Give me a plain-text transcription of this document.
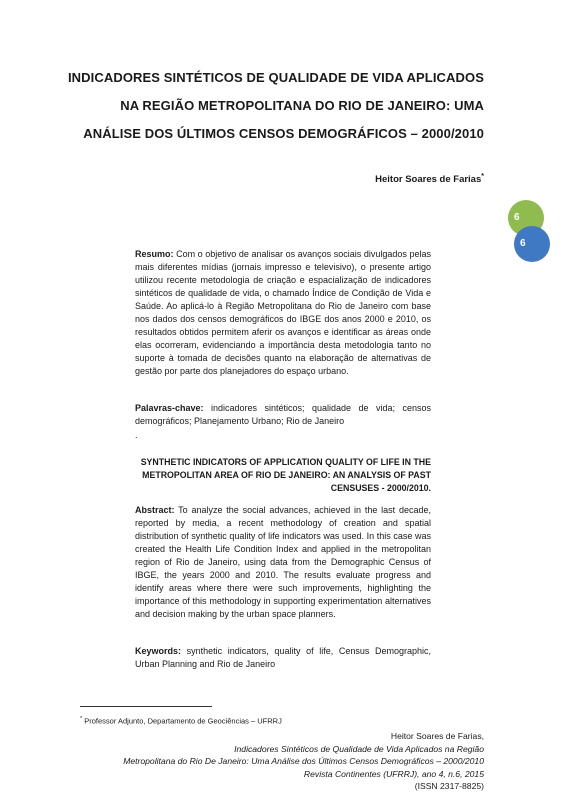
INDICADORES SINTÉTICOS DE QUALIDADE DE VIDA APLICADOS
NA REGIÃO METROPOLITANA DO RIO DE JANEIRO: UMA
ANÁLISE DOS ÚLTIMOS CENSOS DEMOGRÁFICOS – 2000/2010
Heitor Soares de Farias*
6
6
Resumo: Com o objetivo de analisar os avanços sociais divulgados pelas mais diferentes mídias (jornais impresso e televisivo), o presente artigo utilizou recente metodologia de criação e espacialização de indicadores sintéticos de qualidade de vida, o chamado Índice de Condição de Vida e Saúde. Ao aplicá-lo à Região Metropolitana do Rio de Janeiro com base nos dados dos censos demográficos do IBGE dos anos 2000 e 2010, os resultados obtidos permitem aferir os avanços e identificar as áreas onde elas ocorreram, evidenciando a importância desta metodologia tanto no suporte à tomada de decisões quanto na elaboração de alternativas de gestão por parte dos planejadores do espaço urbano.
Palavras-chave: indicadores sintéticos; qualidade de vida; censos demográficos; Planejamento Urbano; Rio de Janeiro
.
SYNTHETIC INDICATORS OF APPLICATION QUALITY OF LIFE IN THE
METROPOLITAN AREA OF RIO DE JANEIRO: AN ANALYSIS OF PAST
CENSUSES - 2000/2010.
Abstract: To analyze the social advances, achieved in the last decade, reported by media, a recent methodology of creation and spatial distribution of synthetic quality of life indicators was used. In this case was created the Health Life Condition Index and applied in the metropolitan region of Rio de Janeiro, using data from the Demographic Census of IBGE, the years 2000 and 2010. The results evaluate progress and identify areas where there were such improvements, highlighting the importance of this methodology in supporting experimentation alternatives and decision making by the urban space planners.
Keywords: synthetic indicators, quality of life, Census Demographic, Urban Planning and Rio de Janeiro
* Professor Adjunto, Departamento de Geociências – UFRRJ
Heitor Soares de Farias,
Indicadores Sintéticos de Qualidade de Vida Aplicados na Região
Metropolitana do Rio De Janeiro: Uma Análise dos Últimos Censos Demográficos – 2000/2010
Revista Continentes (UFRRJ), ano 4, n.6, 2015
(ISSN 2317-8825)
